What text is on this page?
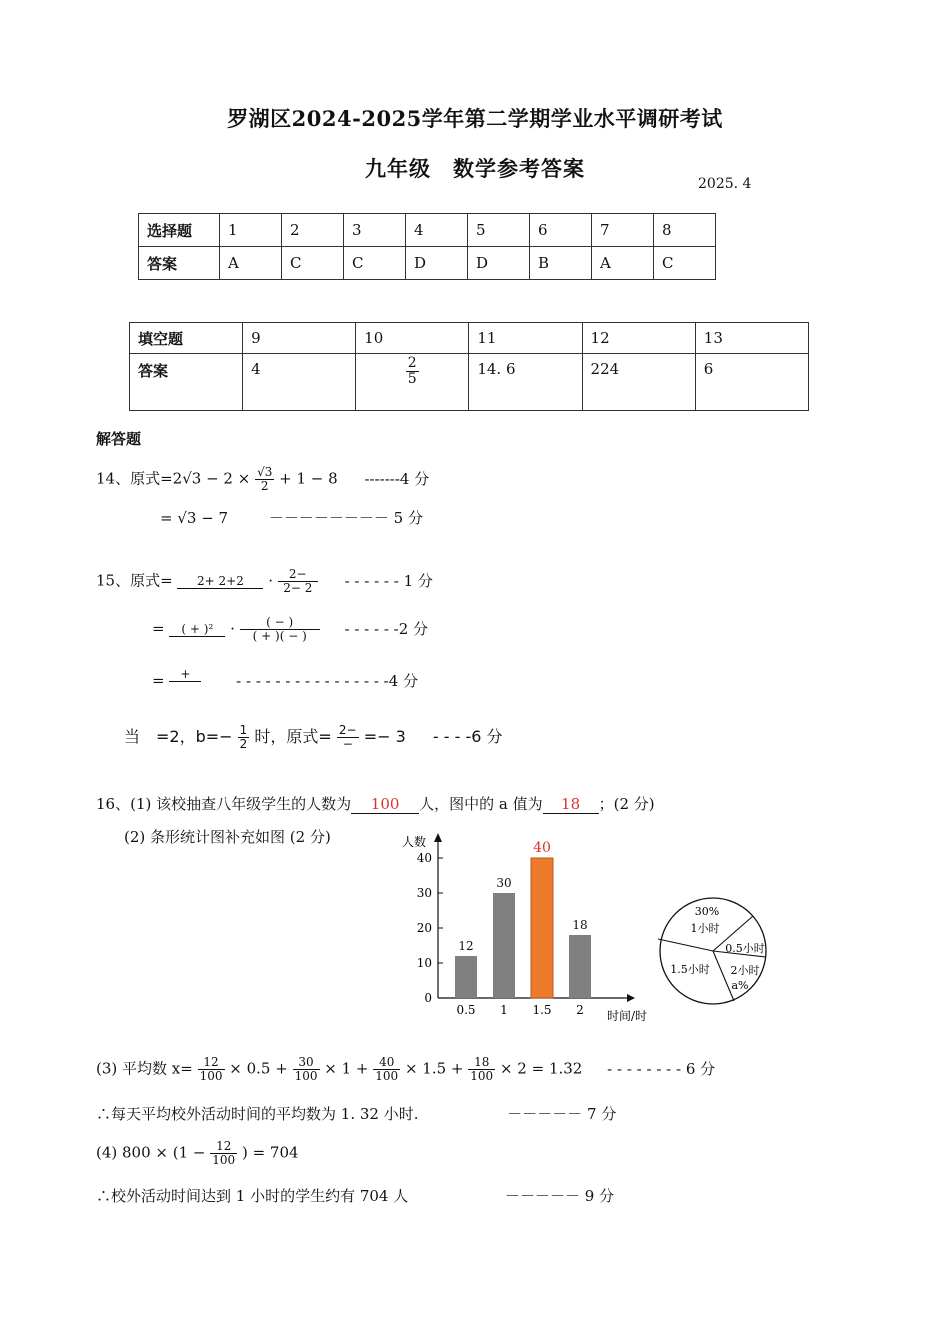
罗湖区2024-2025学年第二学期学业水平调研考试
九年级　数学参考答案
2025. 4
选择题	1	2	3	4	5	6	7	8
答案	A	C	C	D	D	B	A	C
填空题	9	10	11	12	13
答案	4	$\frac{2}{5}$	14. 6	224	6
解答题
14、原式$=2√3 - 2 \times \frac{√3}{2} + 1 - 8$ -------4 分
= √3 − 7	－－－－－－－－ 5 分
15、原式=	2+ 2+2	· $\frac{2-}{2- 2}$ - - - - - - 1 分
=	( + )²	· $\frac{( - )}{( + )( - )}$ - - - - - -2 分
=	+
	- - - - - - - - - - - - - - - -4 分
当　=2，$b=- \frac{1}{2}$ 时，原式= $\frac{2-}{-} =- 3$ - - - -6 分
16、(1) 该校抽查八年级学生的人数为 100 人，图中的 a 值为 18 ；(2 分)
(2) 条形统计图补充如图 (2 分)	人数
时间/时
0
10
20
30
40
12
0.5
30
1
40
1.5
18
2
30%
1小时
0.5小时
2小时
a%
1.5小时
(3) 平均数 $x= \frac{12}{100} \times 0.5 + \frac{30}{100} \times 1 + \frac{40}{100} \times 1.5 + \frac{18}{100} \times 2 = 1.32$ - - - - - - - - 6 分
∴每天平均校外活动时间的平均数为 1. 32 小时.	－－－－－ 7 分
(4) $800 \times (1 - \frac{12}{100}$ ) = 704
∴校外活动时间达到 1 小时的学生约有 704 人	－－－－－ 9 分
